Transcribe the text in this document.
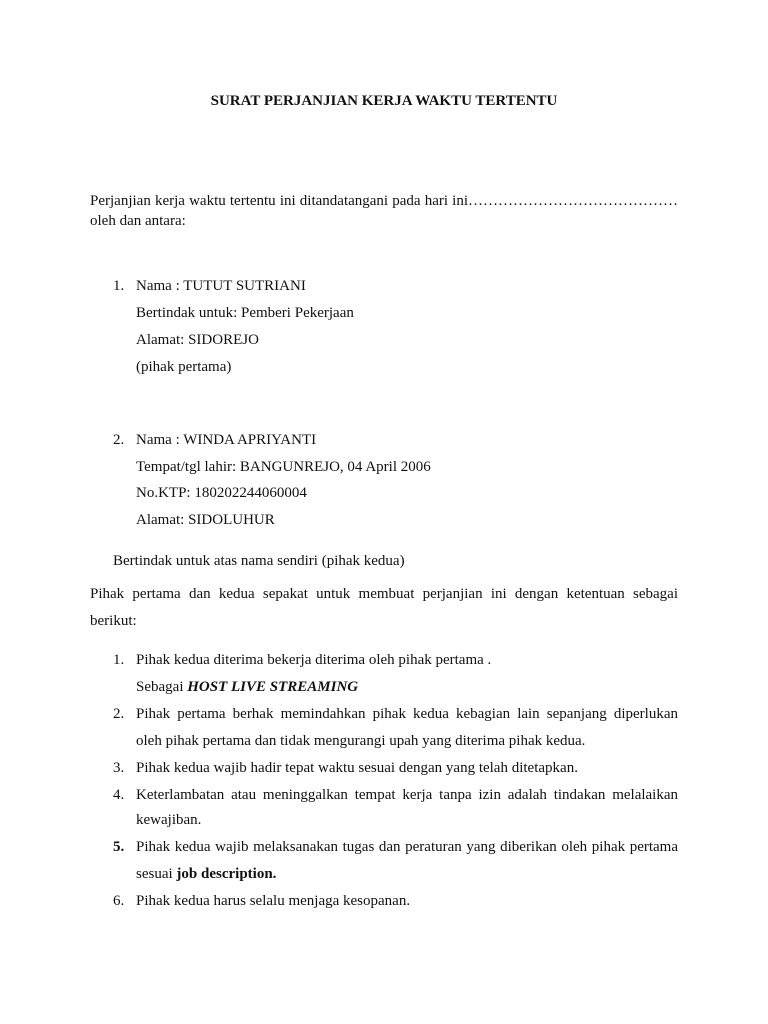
SURAT PERJANJIAN KERJA WAKTU TERTENTU
Perjanjian kerja waktu tertentu ini ditandatangani pada hari ini……………………………………
oleh dan antara:
1. Nama : TUTUT SUTRIANI
Bertindak untuk: Pemberi Pekerjaan
Alamat: SIDOREJO
(pihak pertama)
2. Nama : WINDA APRIYANTI
Tempat/tgl lahir: BANGUNREJO, 04 April 2006
No.KTP: 180202244060004
Alamat: SIDOLUHUR
Bertindak untuk atas nama sendiri (pihak kedua)
Pihak pertama dan kedua sepakat untuk membuat perjanjian ini dengan ketentuan sebagai
berikut:
1. Pihak kedua diterima bekerja diterima oleh pihak pertama .
Sebagai HOST LIVE STREAMING
2. Pihak pertama berhak memindahkan pihak kedua kebagian lain sepanjang diperlukan
oleh pihak pertama dan tidak mengurangi upah yang diterima pihak kedua.
3. Pihak kedua wajib hadir tepat waktu sesuai dengan yang telah ditetapkan.
4. Keterlambatan atau meninggalkan tempat kerja tanpa izin adalah tindakan melalaikan
kewajiban.
5. Pihak kedua wajib melaksanakan tugas dan peraturan yang diberikan oleh pihak pertama
sesuai job description.
6. Pihak kedua harus selalu menjaga kesopanan.
